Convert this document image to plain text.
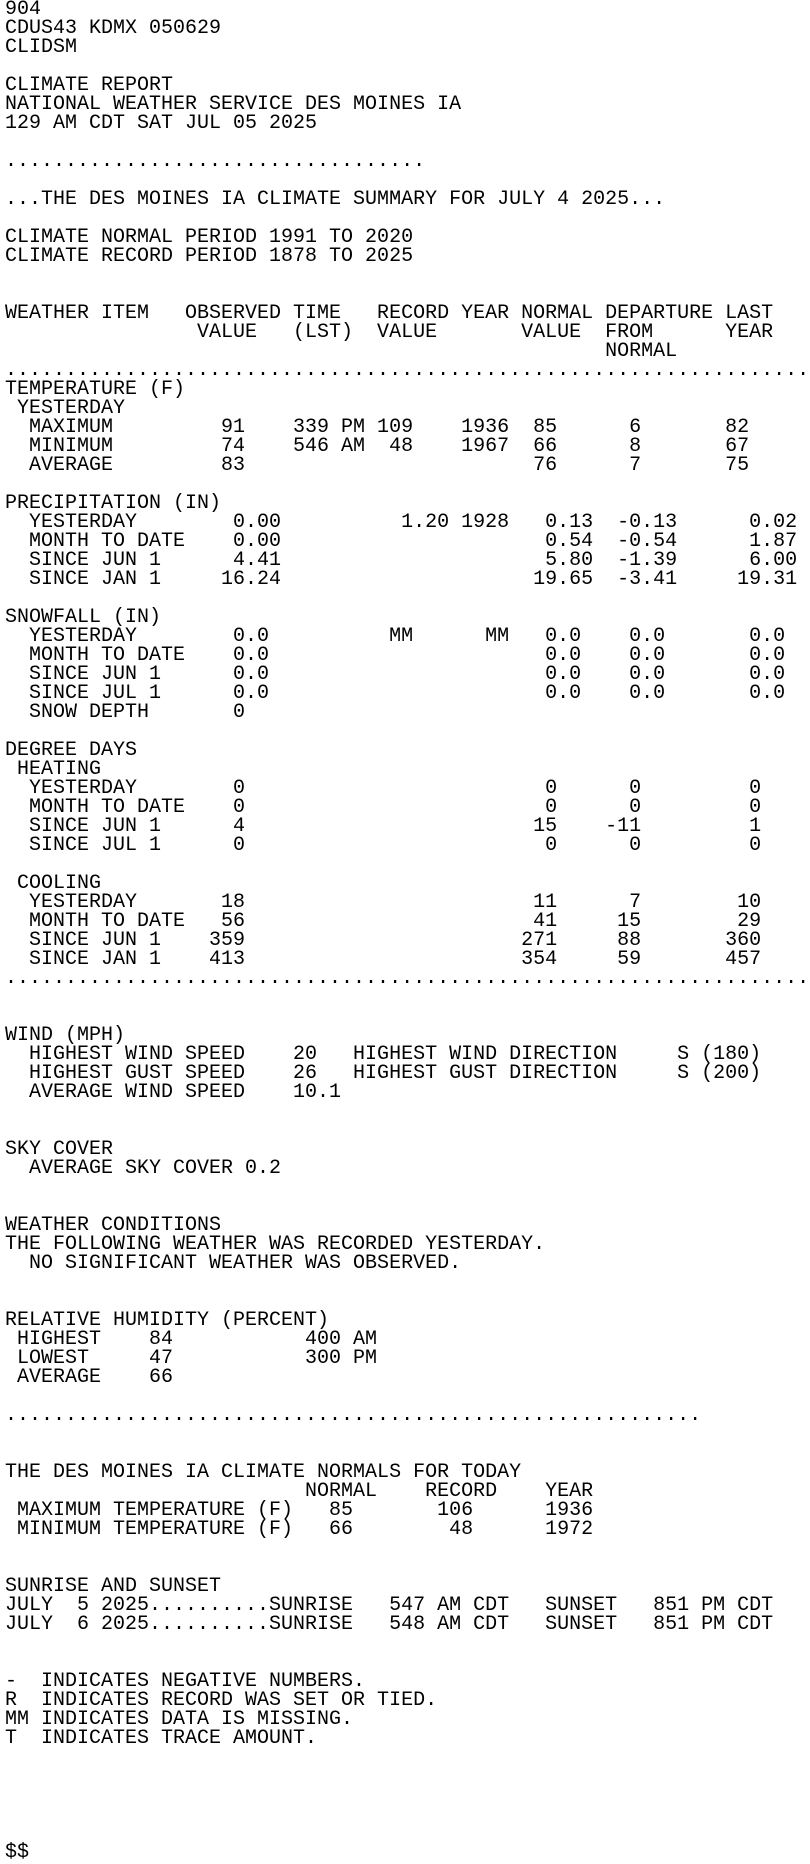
904
CDUS43 KDMX 050629
CLIDSM
CLIMATE REPORT
NATIONAL WEATHER SERVICE DES MOINES IA
129 AM CDT SAT JUL 05 2025
...................................
...THE DES MOINES IA CLIMATE SUMMARY FOR JULY 4 2025...
CLIMATE NORMAL PERIOD 1991 TO 2020
CLIMATE RECORD PERIOD 1878 TO 2025
WEATHER ITEM   OBSERVED TIME   RECORD YEAR NORMAL DEPARTURE LAST
VALUE   (LST)  VALUE       VALUE  FROM      YEAR
NORMAL
...................................................................
TEMPERATURE (F)
YESTERDAY
MAXIMUM         91    339 PM 109    1936  85      6       82
MINIMUM         74    546 AM  48    1967  66      8       67
AVERAGE         83                        76      7       75
PRECIPITATION (IN)
YESTERDAY        0.00          1.20 1928   0.13  -0.13      0.02
MONTH TO DATE    0.00                      0.54  -0.54      1.87
SINCE JUN 1      4.41                      5.80  -1.39      6.00
SINCE JAN 1     16.24                     19.65  -3.41     19.31
SNOWFALL (IN)
YESTERDAY        0.0          MM      MM   0.0    0.0       0.0
MONTH TO DATE    0.0                       0.0    0.0       0.0
SINCE JUN 1      0.0                       0.0    0.0       0.0
SINCE JUL 1      0.0                       0.0    0.0       0.0
SNOW DEPTH       0
DEGREE DAYS
HEATING
YESTERDAY        0                         0      0         0
MONTH TO DATE    0                         0      0         0
SINCE JUN 1      4                        15    -11         1
SINCE JUL 1      0                         0      0         0
COOLING
YESTERDAY       18                        11      7        10
MONTH TO DATE   56                        41     15        29
SINCE JUN 1    359                       271     88       360
SINCE JAN 1    413                       354     59       457
...................................................................
WIND (MPH)
HIGHEST WIND SPEED    20   HIGHEST WIND DIRECTION     S (180)
HIGHEST GUST SPEED    26   HIGHEST GUST DIRECTION     S (200)
AVERAGE WIND SPEED    10.1
SKY COVER
AVERAGE SKY COVER 0.2
WEATHER CONDITIONS
THE FOLLOWING WEATHER WAS RECORDED YESTERDAY.
NO SIGNIFICANT WEATHER WAS OBSERVED.
RELATIVE HUMIDITY (PERCENT)
HIGHEST    84           400 AM
LOWEST     47           300 PM
AVERAGE    66
..........................................................
THE DES MOINES IA CLIMATE NORMALS FOR TODAY
NORMAL    RECORD    YEAR
MAXIMUM TEMPERATURE (F)   85       106      1936
MINIMUM TEMPERATURE (F)   66        48      1972
SUNRISE AND SUNSET
JULY  5 2025..........SUNRISE   547 AM CDT   SUNSET   851 PM CDT
JULY  6 2025..........SUNRISE   548 AM CDT   SUNSET   851 PM CDT
-  INDICATES NEGATIVE NUMBERS.
R  INDICATES RECORD WAS SET OR TIED.
MM INDICATES DATA IS MISSING.
T  INDICATES TRACE AMOUNT.
$$
